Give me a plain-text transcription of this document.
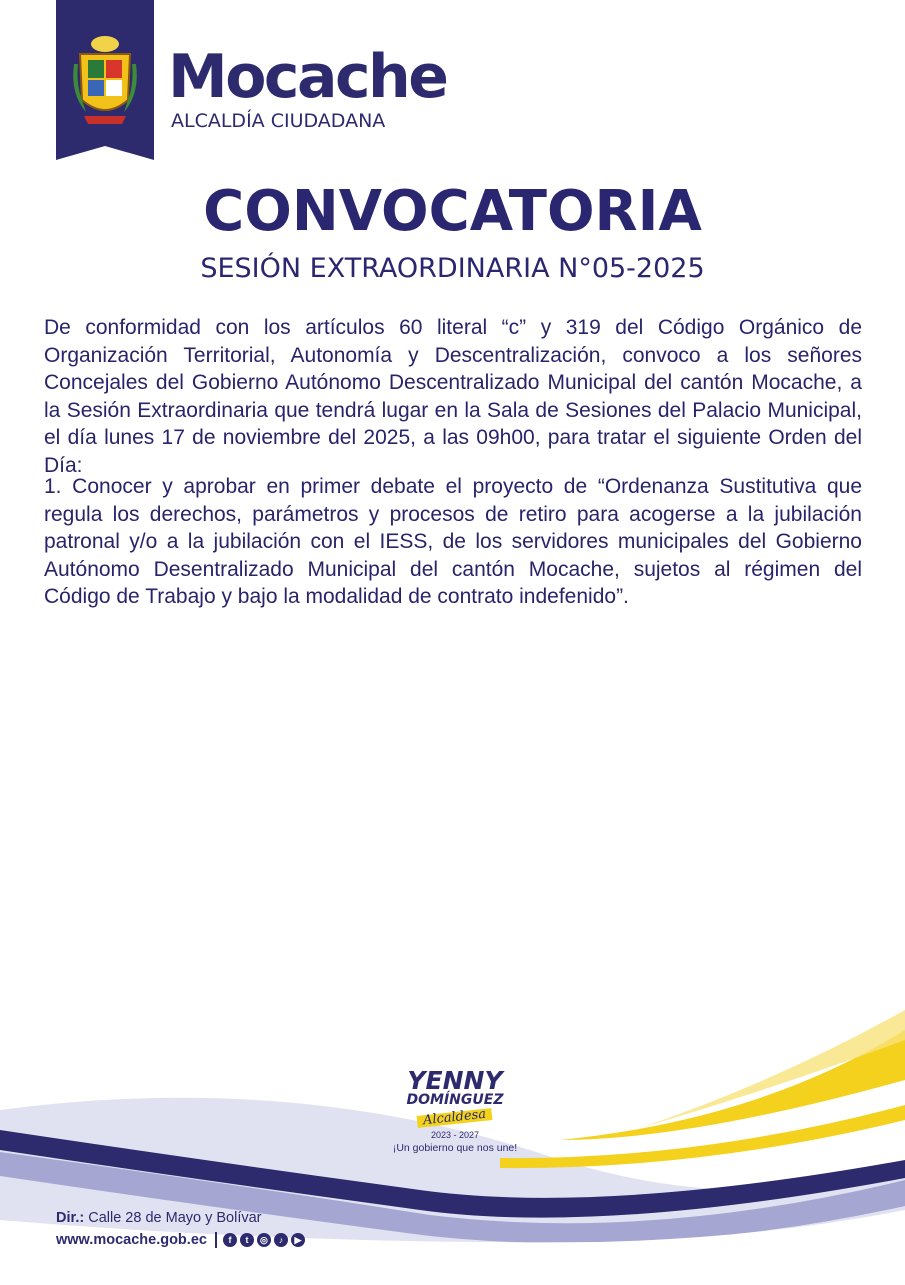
Mocache
ALCALDÍA CIUDADANA
CONVOCATORIA
SESIÓN EXTRAORDINARIA N°05-2025

De conformidad con los artículos 60 literal “c” y 319 del Código Orgánico de Organización Territorial, Autonomía y Descentralización, convoco a los señores Concejales del Gobierno Autónomo Descentralizado Municipal del cantón Mocache, a la Sesión Extraordinaria que tendrá lugar en la Sala de Sesiones del Palacio Municipal, el día lunes 17 de noviembre del 2025, a las 09h00, para tratar el siguiente Orden del Día:

1. Conocer y aprobar en primer debate el proyecto de “Ordenanza Sustitutiva que regula los derechos, parámetros y procesos de retiro para acogerse a la jubilación patronal y/o a la jubilación con el IESS, de los servidores municipales del Gobierno Autónomo Desentralizado Municipal del cantón Mocache, sujetos al régimen del Código de Trabajo y bajo la modalidad de contrato indefenido”.

YENNY
DOMÍNGUEZ
Alcaldesa
2023 - 2027
¡Un gobierno que nos une!
Dir.: Calle 28 de Mayo y Bolívar
www.mocache.gob.ec	f	t	◎	♪	▶
